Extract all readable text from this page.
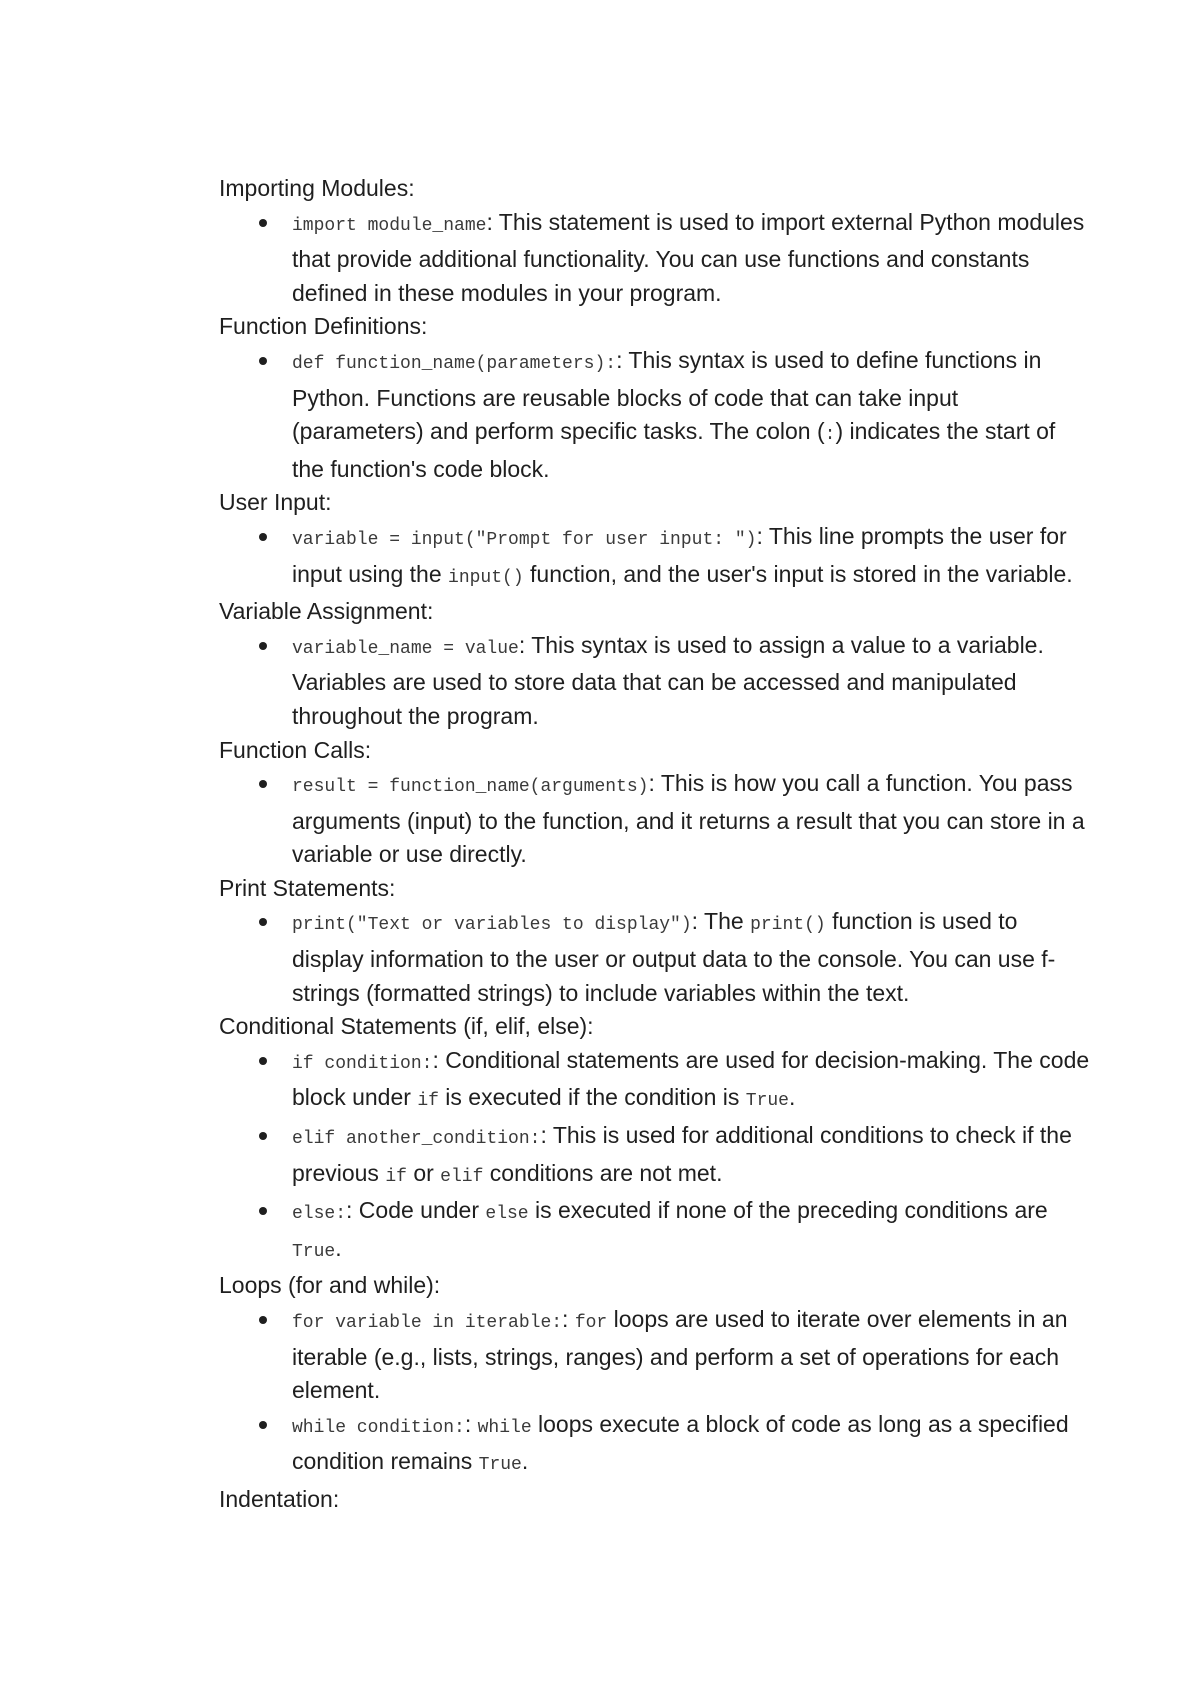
Importing Modules:
import module_name: This statement is used to import external Python modules that provide additional functionality. You can use functions and constants defined in these modules in your program.
Function Definitions:
def function_name(parameters):: This syntax is used to define functions in Python. Functions are reusable blocks of code that can take input (parameters) and perform specific tasks. The colon (:) indicates the start of the function's code block.
User Input:
variable = input("Prompt for user input: "): This line prompts the user for input using the input() function, and the user's input is stored in the variable.
Variable Assignment:
variable_name = value: This syntax is used to assign a value to a variable. Variables are used to store data that can be accessed and manipulated throughout the program.
Function Calls:
result = function_name(arguments): This is how you call a function. You pass arguments (input) to the function, and it returns a result that you can store in a variable or use directly.
Print Statements:
print("Text or variables to display"): The print() function is used to display information to the user or output data to the console. You can use f-strings (formatted strings) to include variables within the text.
Conditional Statements (if, elif, else):
if condition:: Conditional statements are used for decision-making. The code block under if is executed if the condition is True.
elif another_condition:: This is used for additional conditions to check if the previous if or elif conditions are not met.
else:: Code under else is executed if none of the preceding conditions are True.
Loops (for and while):
for variable in iterable:: for loops are used to iterate over elements in an iterable (e.g., lists, strings, ranges) and perform a set of operations for each element.
while condition:: while loops execute a block of code as long as a specified condition remains True.
Indentation:
